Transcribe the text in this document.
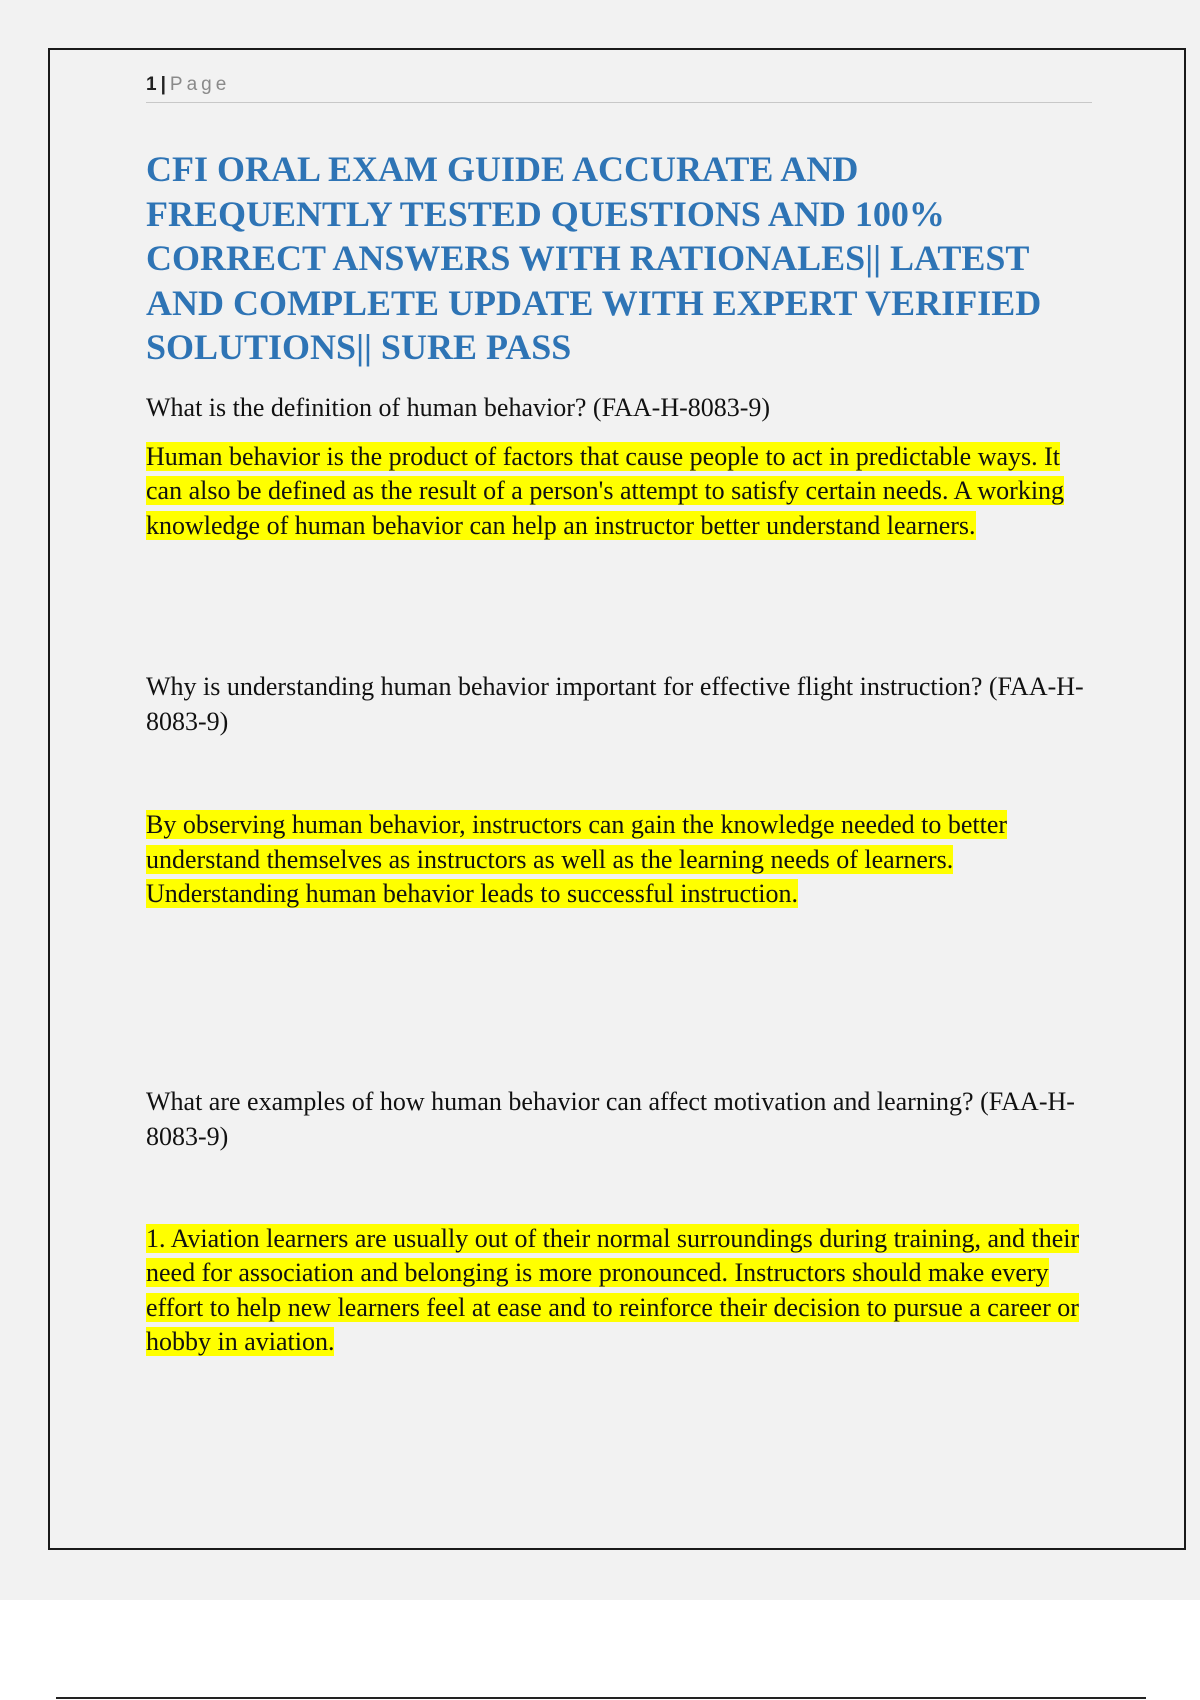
1 | Page
CFI ORAL EXAM GUIDE ACCURATE AND FREQUENTLY TESTED QUESTIONS AND 100% CORRECT ANSWERS WITH RATIONALES|| LATEST AND COMPLETE UPDATE WITH EXPERT VERIFIED SOLUTIONS|| SURE PASS

What is the definition of human behavior? (FAA-H-8083-9)

Human behavior is the product of factors that cause people to act in predictable ways. It can also be defined as the result of a person's attempt to satisfy certain needs. A working knowledge of human behavior can help an instructor better understand learners.

Why is understanding human behavior important for effective flight instruction? (FAA-H-8083-9)

By observing human behavior, instructors can gain the knowledge needed to better understand themselves as instructors as well as the learning needs of learners. Understanding human behavior leads to successful instruction.

What are examples of how human behavior can affect motivation and learning? (FAA-H-8083-9)

1. Aviation learners are usually out of their normal surroundings during training, and their need for association and belonging is more pronounced. Instructors should make every effort to help new learners feel at ease and to reinforce their decision to pursue a career or hobby in aviation.
